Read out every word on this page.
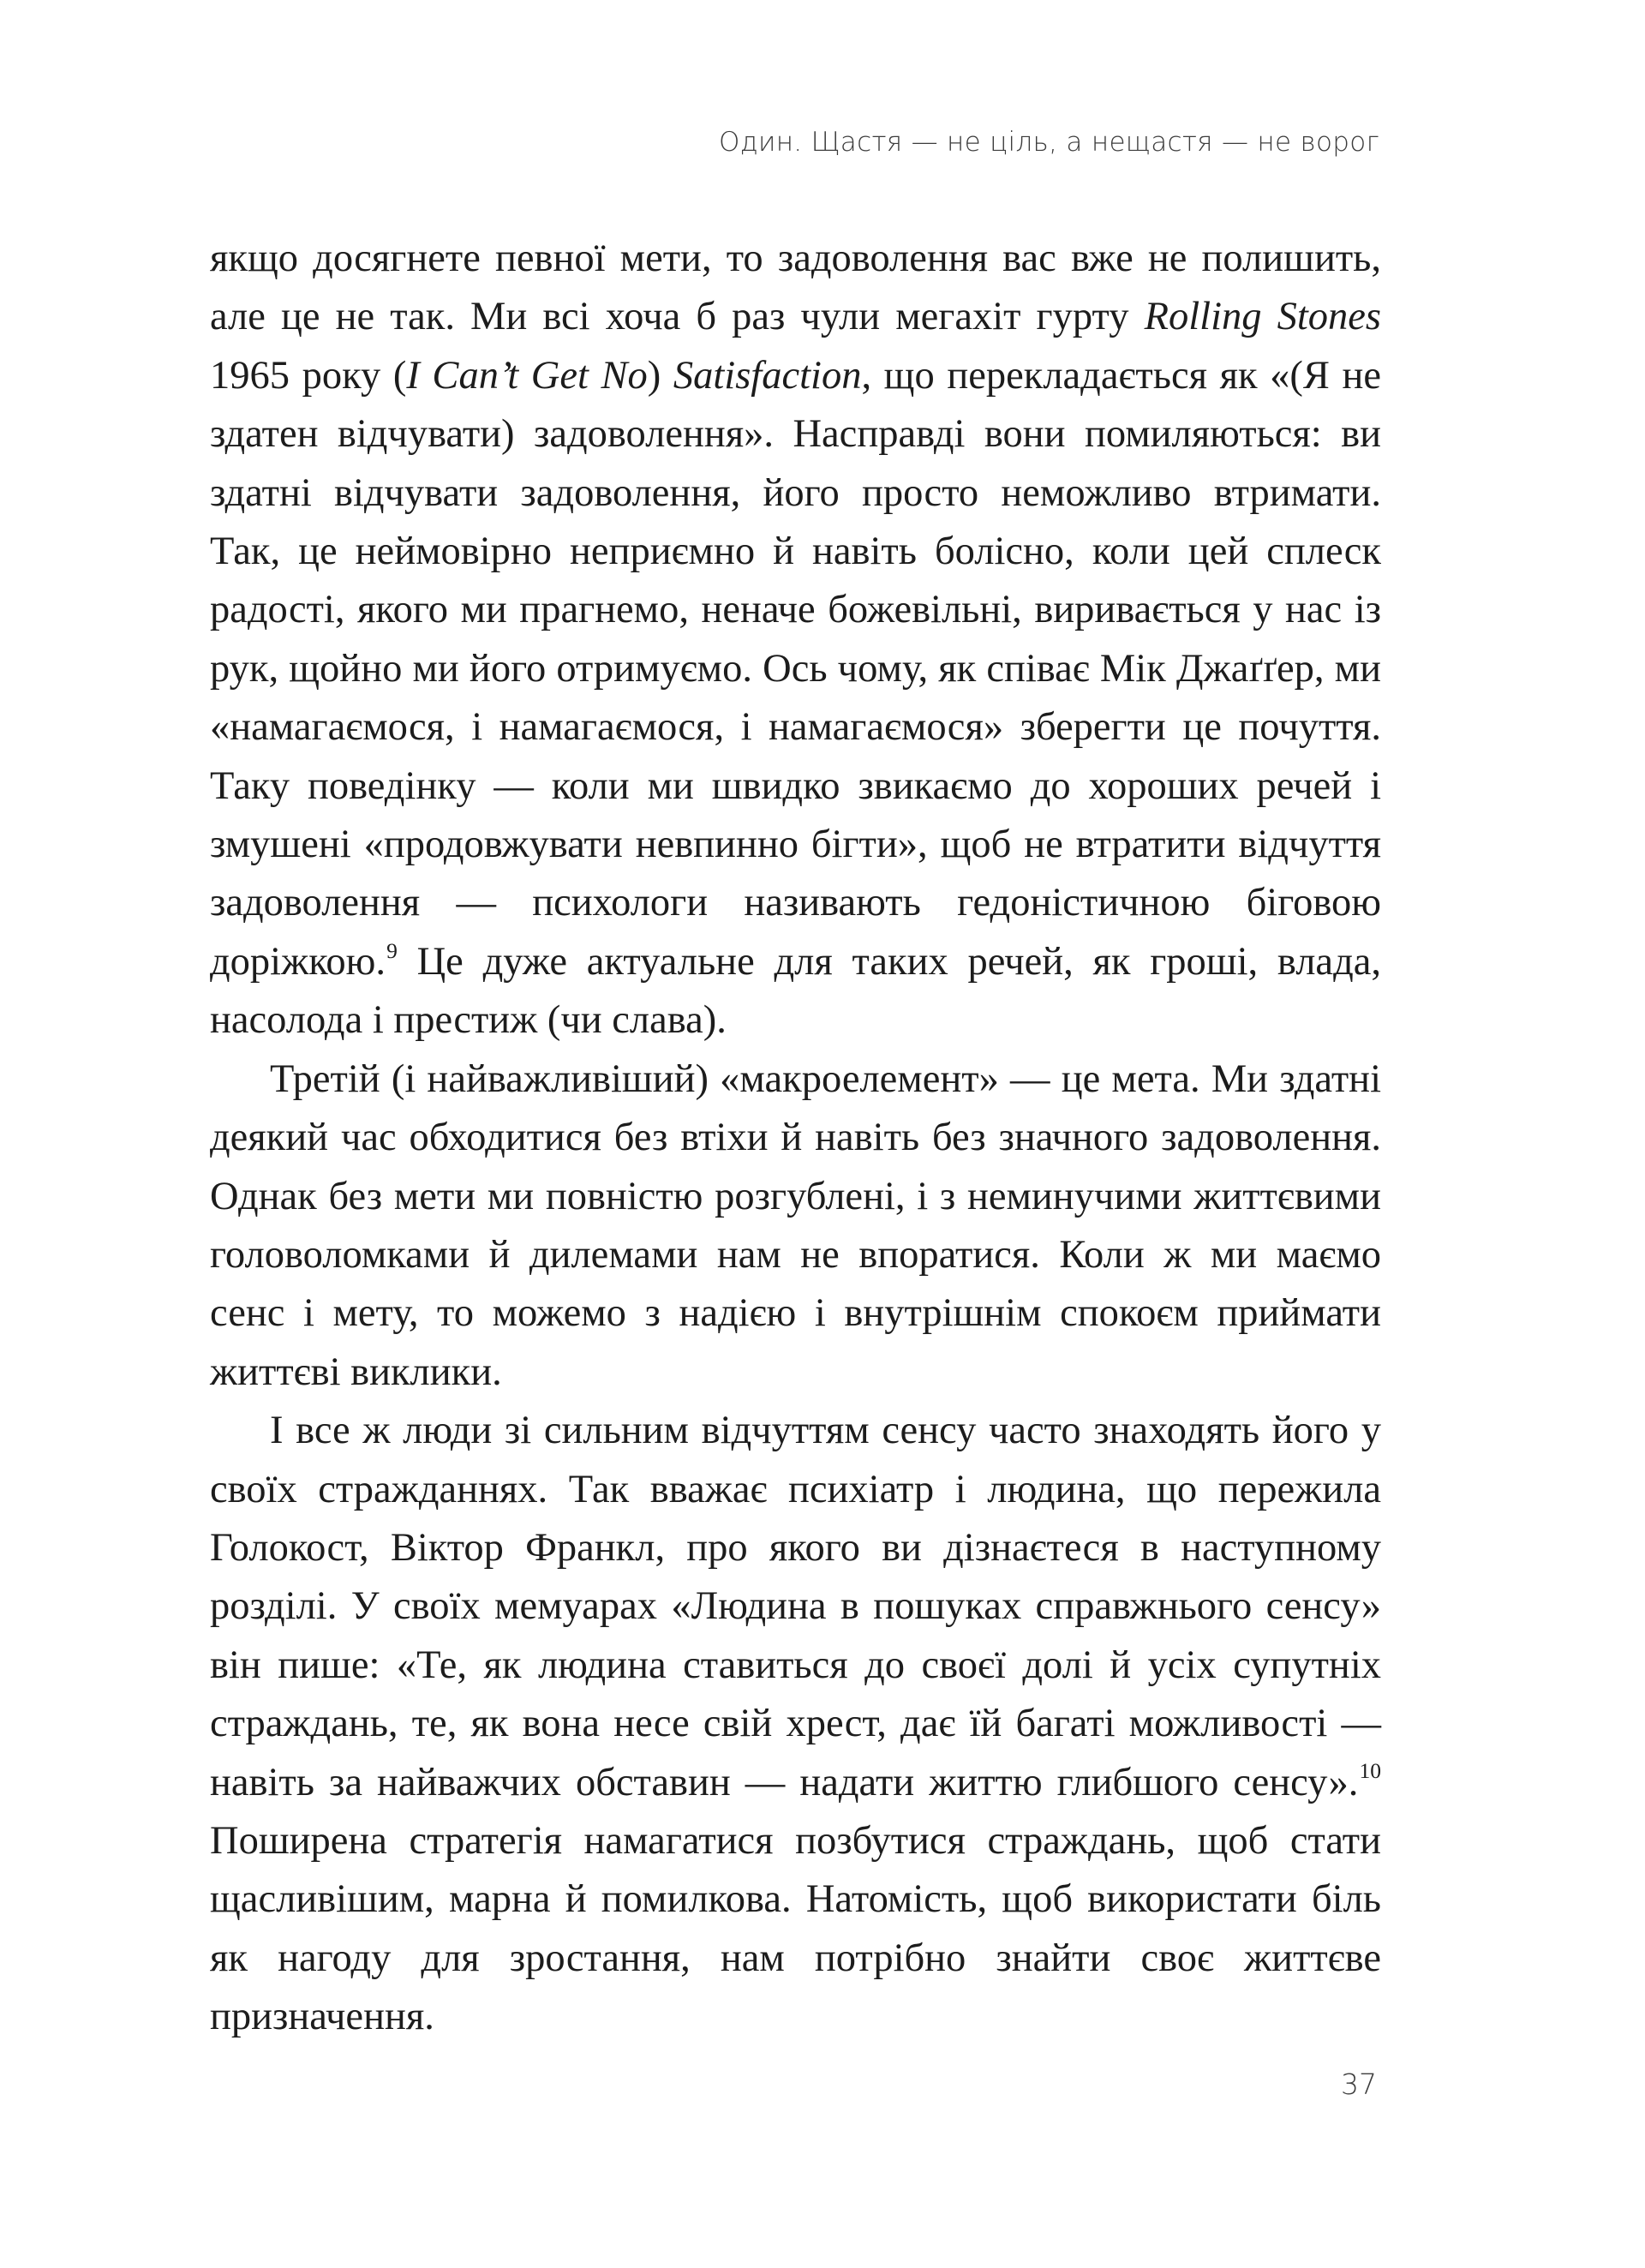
Один. Щастя — не ціль, а нещастя — не ворог

якщо досягнете певної мети, то задоволення вас вже не полишить, але це не так. Ми всі хоча б раз чули мегахіт гурту Rolling Stones 1965 року (I Can’t Get No) Satisfaction, що перекладається як «(Я не здатен відчувати) задоволення». Насправді вони помиляються: ви здатні відчувати задоволення, його просто неможливо втримати. Так, це неймовірно неприємно й навіть болісно, коли цей сплеск радості, якого ми прагнемо, неначе божевільні, виривається у нас із рук, щойно ми його отримуємо. Ось чому, як співає Мік Джаґґер, ми «намагаємося, і намагаємося, і намагаємося» зберегти це почуття. Таку поведінку — коли ми швидко звикаємо до хороших речей і змушені «продовжувати невпинно бігти», щоб не втратити відчуття задоволення — психологи називають гедоністичною біговою доріжкою.$^9$ Це дуже актуальне для таких речей, як гроші, влада, насолода і престиж (чи слава).

Третій (і найважливіший) «макроелемент» — це мета. Ми здатні деякий час обходитися без втіхи й навіть без значного задоволення. Однак без мети ми повністю розгублені, і з неминучими життєвими головоломками й дилемами нам не впоратися. Коли ж ми маємо сенс і мету, то можемо з надією і внутрішнім спокоєм приймати життєві виклики.

І все ж люди зі сильним відчуттям сенсу часто знаходять його у своїх стражданнях. Так вважає психіатр і людина, що пережила Голокост, Віктор Франкл, про якого ви дізнаєтеся в наступному розділі. У своїх мемуарах «Людина в пошуках справжнього сенсу» він пише: «Те, як людина ставиться до своєї долі й усіх супутніх страждань, те, як вона несе свій хрест, дає їй багаті можливості — навіть за найважчих обставин — надати життю глибшого сенсу».$^{10}$ Поширена стратегія намагатися позбутися страждань, щоб стати щасливішим, марна й помилкова. Натомість, щоб використати біль як нагоду для зростання, нам потрібно знайти своє життєве призначення.

37
